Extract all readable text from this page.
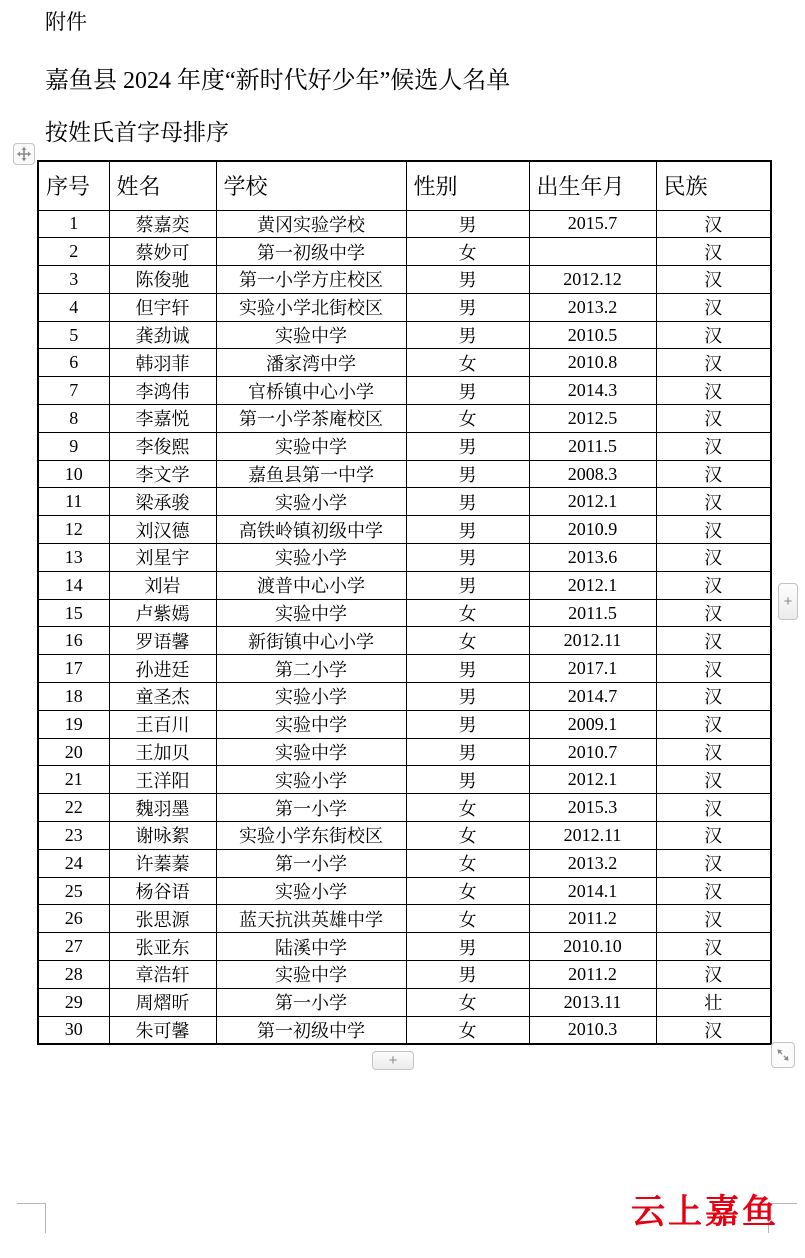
附件
嘉鱼县 2024 年度“新时代好少年”候选人名单
按姓氏首字母排序
序号	姓名	学校	性别	出生年月	民族
1	蔡嘉奕	黄冈实验学校	男	2015.7	汉
2	蔡妙可	第一初级中学	女		汉
3	陈俊驰	第一小学方庄校区	男	2012.12	汉
4	但宇轩	实验小学北街校区	男	2013.2	汉
5	龚劲诚	实验中学	男	2010.5	汉
6	韩羽菲	潘家湾中学	女	2010.8	汉
7	李鸿伟	官桥镇中心小学	男	2014.3	汉
8	李嘉悦	第一小学茶庵校区	女	2012.5	汉
9	李俊熙	实验中学	男	2011.5	汉
10	李文学	嘉鱼县第一中学	男	2008.3	汉
11	梁承骏	实验小学	男	2012.1	汉
12	刘汉德	高铁岭镇初级中学	男	2010.9	汉
13	刘星宇	实验小学	男	2013.6	汉
14	刘岩	渡普中心小学	男	2012.1	汉
15	卢紫嫣	实验中学	女	2011.5	汉
16	罗语馨	新街镇中心小学	女	2012.11	汉
17	孙进廷	第二小学	男	2017.1	汉
18	童圣杰	实验小学	男	2014.7	汉
19	王百川	实验中学	男	2009.1	汉
20	王加贝	实验中学	男	2010.7	汉
21	王洋阳	实验小学	男	2012.1	汉
22	魏羽墨	第一小学	女	2015.3	汉
23	谢咏絮	实验小学东街校区	女	2012.11	汉
24	许蓁蓁	第一小学	女	2013.2	汉
25	杨谷语	实验小学	女	2014.1	汉
26	张思源	蓝天抗洪英雄中学	女	2011.2	汉
27	张亚东	陆溪中学	男	2010.10	汉
28	章浩轩	实验中学	男	2011.2	汉
29	周熠昕	第一小学	女	2013.11	壮
30	朱可馨	第一初级中学	女	2010.3	汉
+
+
云上嘉鱼
